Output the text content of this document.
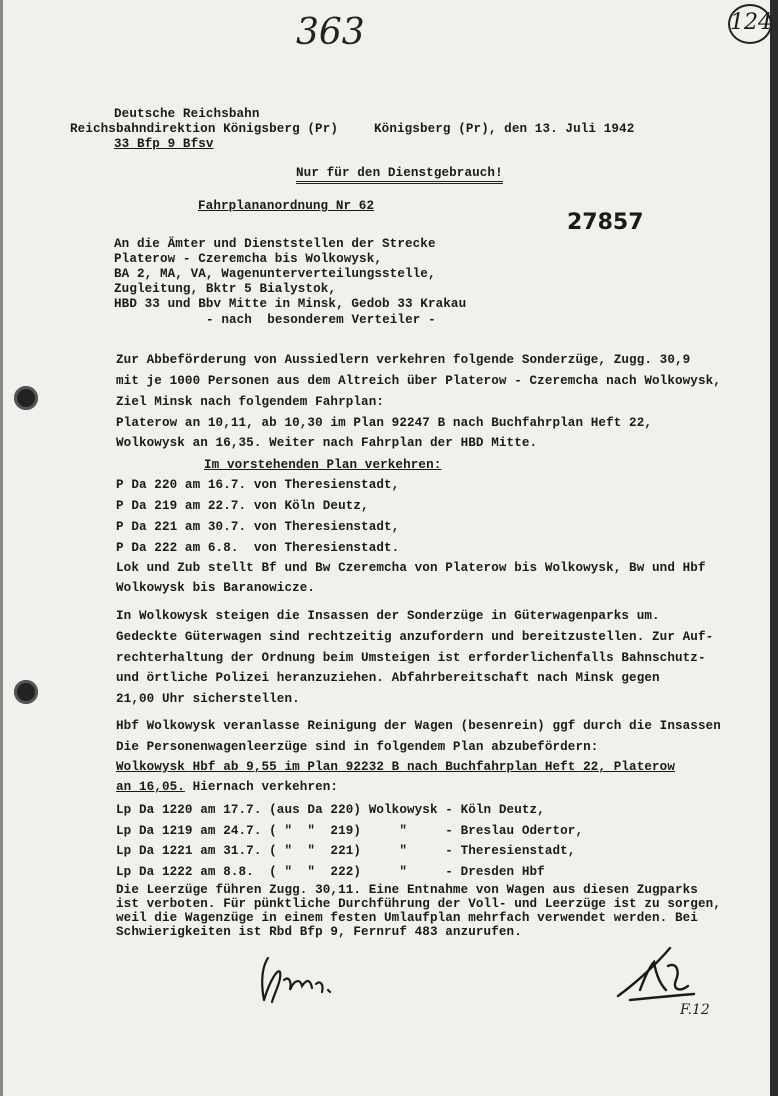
363	124
Deutsche Reichsbahn
Reichsbahndirektion Königsberg (Pr)	Königsberg (Pr), den 13. Juli 1942
33 Bfp 9 Bfsv
Nur für den Dienstgebrauch!
Fahrplananordnung Nr 62
27857
An die Ämter und Dienststellen der Strecke
Platerow - Czeremcha bis Wolkowysk,
BA 2, MA, VA, Wagenunterverteilungsstelle,
Zugleitung, Bktr 5 Bialystok,
HBD 33 und Bbv Mitte in Minsk, Gedob 33 Krakau
- nach  besonderem Verteiler -
Zur Abbeförderung von Aussiedlern verkehren folgende Sonderzüge, Zugg. 30,9
mit je 1000 Personen aus dem Altreich über Platerow - Czeremcha nach Wolkowysk,
Ziel Minsk nach folgendem Fahrplan:
Platerow an 10,11, ab 10,30 im Plan 92247 B nach Buchfahrplan Heft 22,
Wolkowysk an 16,35. Weiter nach Fahrplan der HBD Mitte.
Im vorstehenden Plan verkehren:
P Da 220 am 16.7. von Theresienstadt,
P Da 219 am 22.7. von Köln Deutz,
P Da 221 am 30.7. von Theresienstadt,
P Da 222 am 6.8.  von Theresienstadt.
Lok und Zub stellt Bf und Bw Czeremcha von Platerow bis Wolkowysk, Bw und Hbf
Wolkowysk bis Baranowicze.
In Wolkowysk steigen die Insassen der Sonderzüge in Güterwagenparks um.
Gedeckte Güterwagen sind rechtzeitig anzufordern und bereitzustellen. Zur Auf-
rechterhaltung der Ordnung beim Umsteigen ist erforderlichenfalls Bahnschutz-
und örtliche Polizei heranzuziehen. Abfahrbereitschaft nach Minsk gegen
21,00 Uhr sicherstellen.
Hbf Wolkowysk veranlasse Reinigung der Wagen (besenrein) ggf durch die Insassen
Die Personenwagenleerzüge sind in folgendem Plan abzubefördern:
Wolkowysk Hbf ab 9,55 im Plan 92232 B nach Buchfahrplan Heft 22, Platerow
an 16,05. Hiernach verkehren:
Lp Da 1220 am 17.7. (aus Da 220) Wolkowysk - Köln Deutz,
Lp Da 1219 am 24.7. ( "  "  219)     "     - Breslau Odertor,
Lp Da 1221 am 31.7. ( "  "  221)     "     - Theresienstadt,
Lp Da 1222 am 8.8.  ( "  "  222)     "     - Dresden Hbf
Die Leerzüge führen Zugg. 30,11. Eine Entnahme von Wagen aus diesen Zugparks
ist verboten. Für pünktliche Durchführung der Voll- und Leerzüge ist zu sorgen,
weil die Wagenzüge in einem festen Umlaufplan mehrfach verwendet werden. Bei
Schwierigkeiten ist Rbd Bfp 9, Fernruf 483 anzurufen.
F.12
